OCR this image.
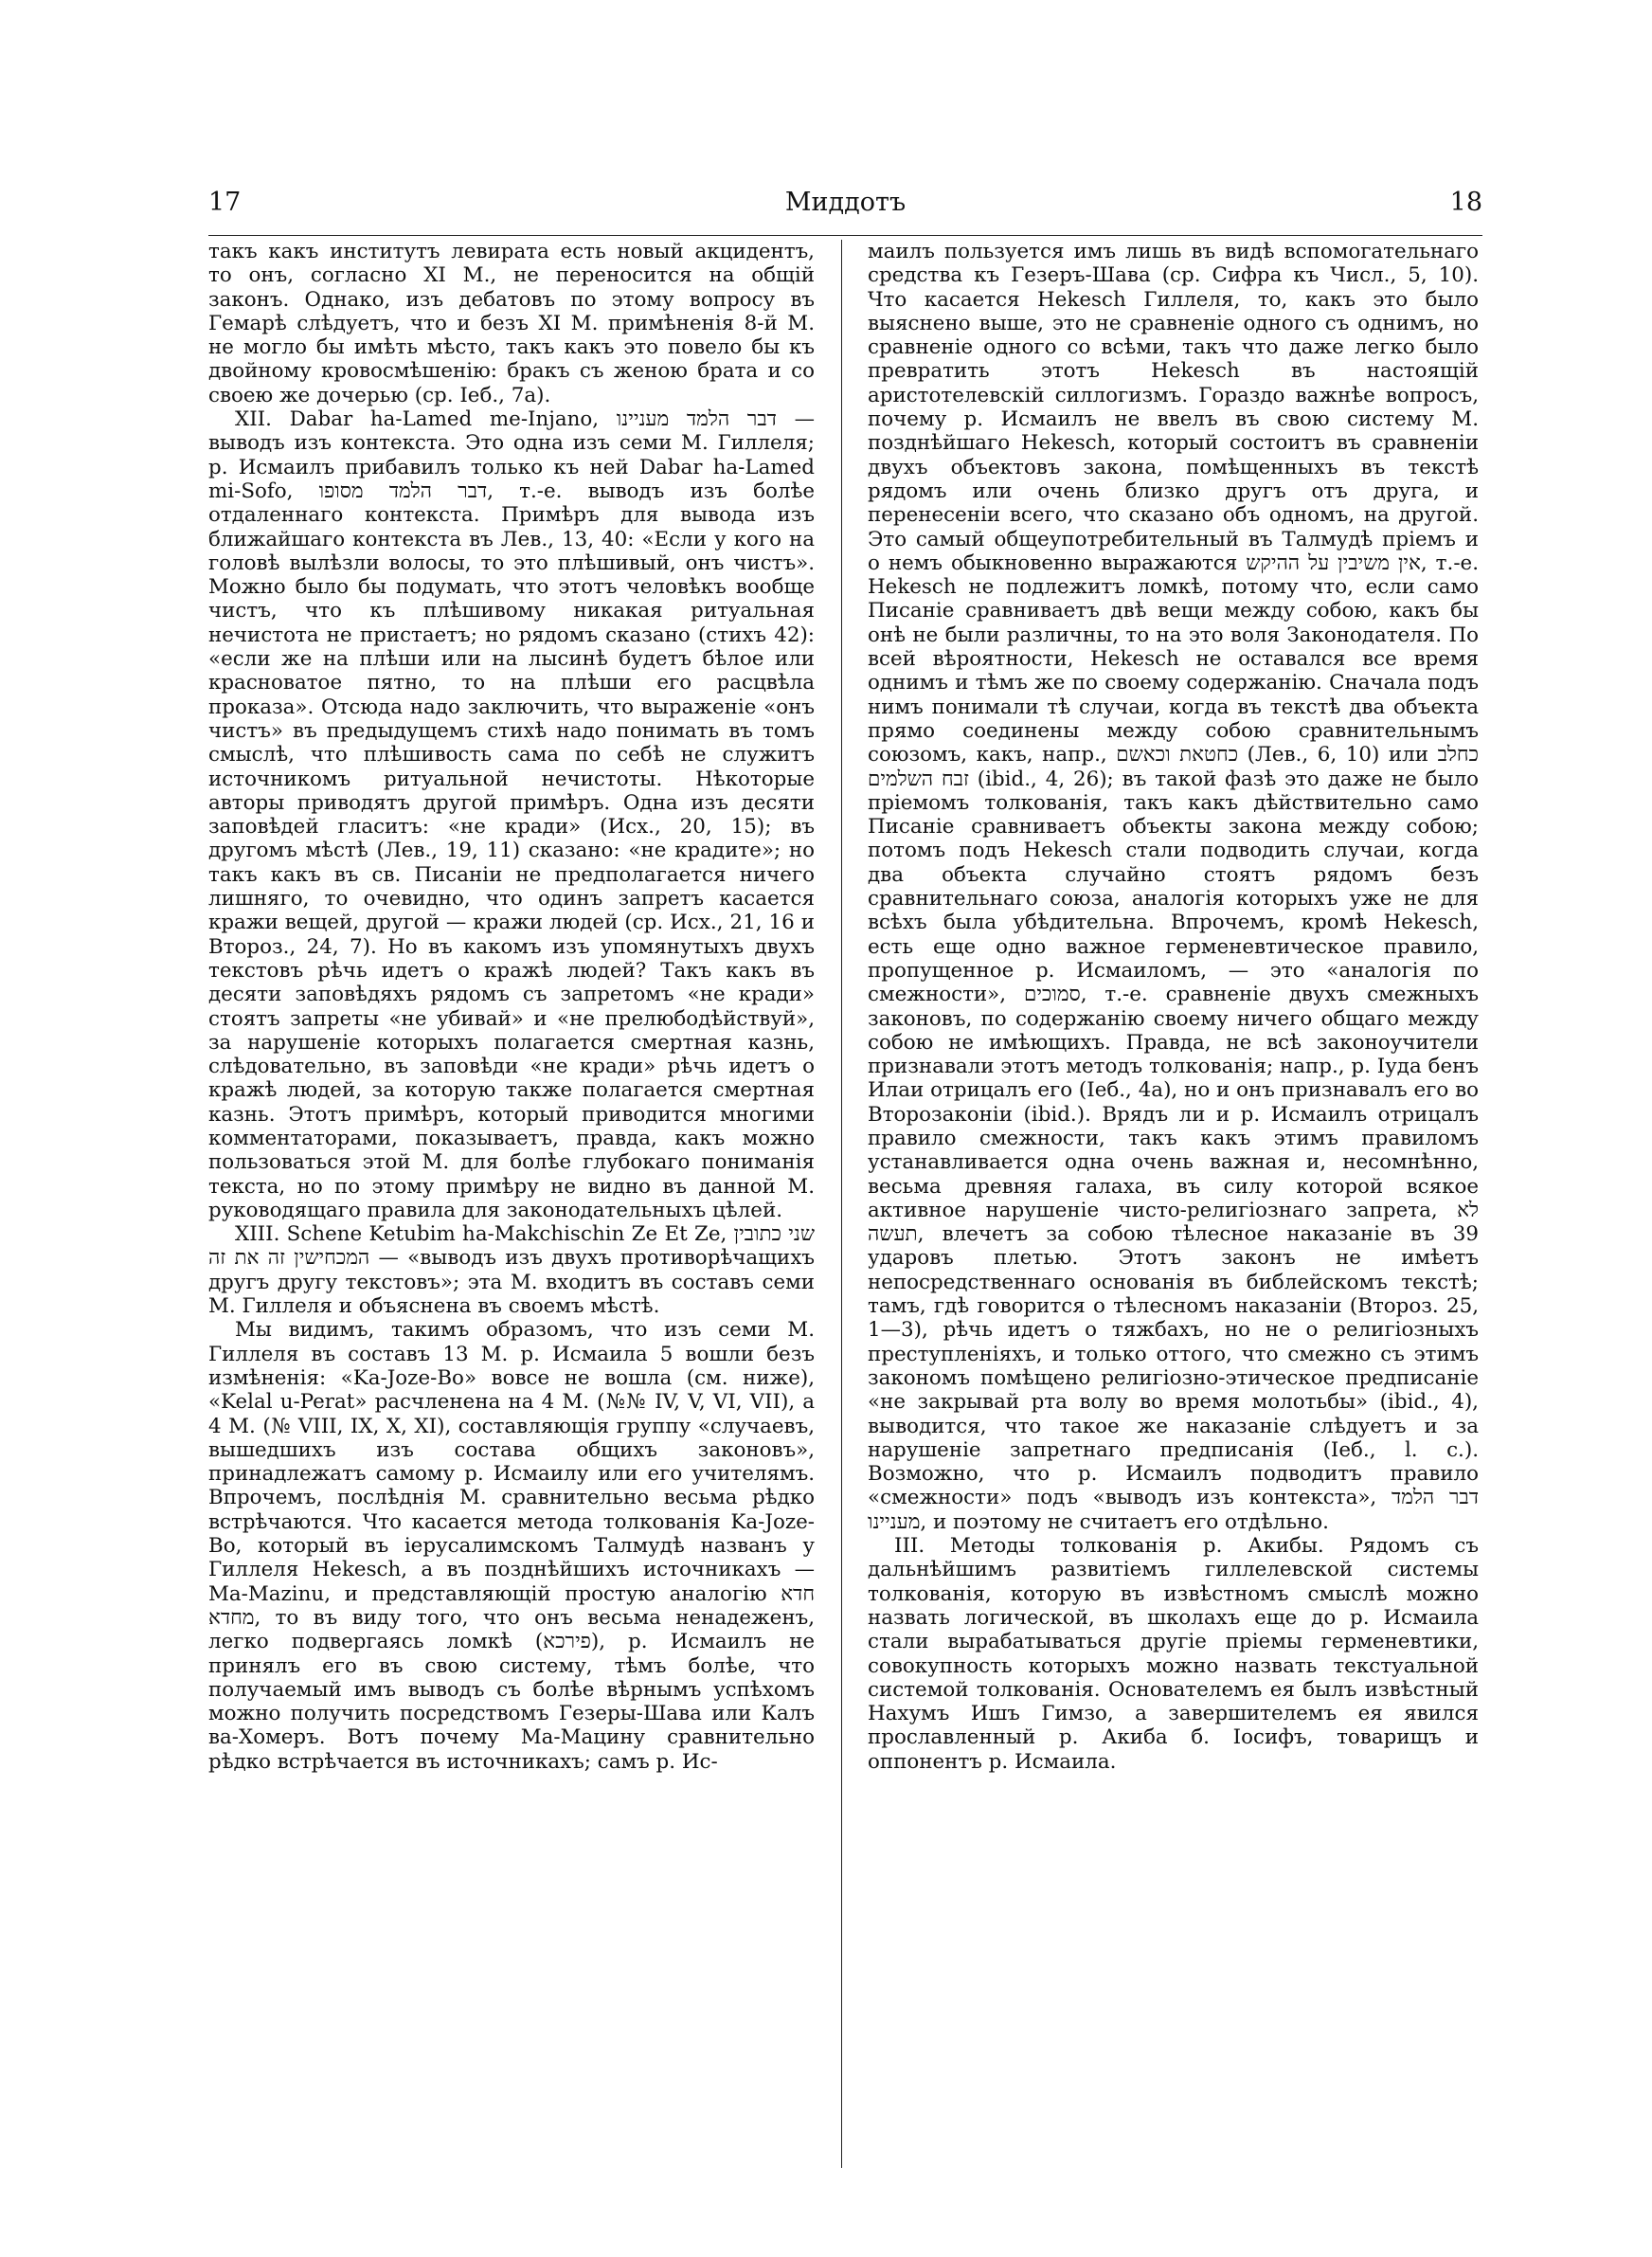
17	Миддотъ	18

такъ какъ институтъ левирата есть новый акцидентъ, то онъ, согласно XI М., не переносится на общій законъ. Однако, изъ дебатовъ по этому вопросу въ Гемарѣ слѣдуетъ, что и безъ XI М. примѣненія 8-й М. не могло бы имѣть мѣсто, такъ какъ это повело бы къ двойному кровосмѣшенію: бракъ съ женою брата и со своею же дочерью (ср. Іеб., 7а).

XII. Dabar ha-Lamed me-Injano, דבר הלמד מעניינו — выводъ изъ контекста. Это одна изъ семи М. Гиллеля; р. Исмаилъ прибавилъ только къ ней Dabar ha-Lamed mi-Sofo, דבר הלמד מסופו, т.-е. выводъ изъ болѣе отдаленнаго контекста. Примѣръ для вывода изъ ближайшаго контекста въ Лев., 13, 40: «Если у кого на головѣ вылѣзли волосы, то это плѣшивый, онъ чистъ». Можно было бы подумать, что этотъ человѣкъ вообще чистъ, что къ плѣшивому никакая ритуальная нечистота не пристаетъ; но рядомъ сказано (стихъ 42): «если же на плѣши или на лысинѣ будетъ бѣлое или красноватое пятно, то на плѣши его расцвѣла проказа». Отсюда надо заключить, что выраженіе «онъ чистъ» въ предыдущемъ стихѣ надо понимать въ томъ смыслѣ, что плѣшивость сама по себѣ не служитъ источникомъ ритуальной нечистоты. Нѣкоторые авторы приводятъ другой примѣръ. Одна изъ десяти заповѣдей гласитъ: «не кради» (Исх., 20, 15); въ другомъ мѣстѣ (Лев., 19, 11) сказано: «не крадите»; но такъ какъ въ св. Писаніи не предполагается ничего лишняго, то очевидно, что одинъ запретъ касается кражи вещей, другой — кражи людей (ср. Исх., 21, 16 и Второз., 24, 7). Но въ какомъ изъ упомянутыхъ двухъ текстовъ рѣчь идетъ о кражѣ людей? Такъ какъ въ десяти заповѣдяхъ рядомъ съ запретомъ «не кради» стоятъ запреты «не убивай» и «не прелюбодѣйствуй», за нарушеніе которыхъ полагается смертная казнь, слѣдовательно, въ заповѣди «не кради» рѣчь идетъ о кражѣ людей, за которую также полагается смертная казнь. Этотъ примѣръ, который приводится многими комментаторами, показываетъ, правда, какъ можно пользоваться этой М. для болѣе глубокаго пониманія текста, но по этому примѣру не видно въ данной М. руководящаго правила для законодательныхъ цѣлей.

XIII. Schene Ketubim ha-Makchischin Ze Et Ze, שני כתובין המכחישין זה את זה — «выводъ изъ двухъ противорѣчащихъ другъ другу текстовъ»; эта М. входитъ въ составъ семи М. Гиллеля и объяснена въ своемъ мѣстѣ.

Мы видимъ, такимъ образомъ, что изъ семи М. Гиллеля въ составъ 13 М. р. Исмаила 5 вошли безъ измѣненія: «Ka-Joze-Bo» вовсе не вошла (см. ниже), «Kelal u-Perat» расчленена на 4 М. (№№ IV, V, VI, VII), а 4 М. (№ VIII, IX, X, XI), составляющія группу «случаевъ, вышедшихъ изъ состава общихъ законовъ», принадлежатъ самому р. Исмаилу или его учителямъ. Впрочемъ, послѣднія М. сравнительно весьма рѣдко встрѣчаются. Что касается метода толкованія Ka-Joze-Bo, который въ іерусалимскомъ Талмудѣ названъ у Гиллеля Hekesch, а въ позднѣйшихъ источникахъ — Ma-Mazinu, и представляющій простую аналогію חדא מחדא, то въ виду того, что онъ весьма ненадеженъ, легко подвергаясь ломкѣ (פירכא), р. Исмаилъ не принялъ его въ свою систему, тѣмъ болѣе, что получаемый имъ выводъ съ болѣе вѣрнымъ успѣхомъ можно получить посредствомъ Гезеры-Шава или Калъ ва-Хомеръ. Вотъ почему Ма-Мацину сравнительно рѣдко встрѣчается въ источникахъ; самъ р. Ис-

маилъ пользуется имъ лишь въ видѣ вспомогательнаго средства къ Гезеръ-Шава (ср. Сифра къ Числ., 5, 10). Что касается Hekesch Гиллеля, то, какъ это было выяснено выше, это не сравненіе одного съ однимъ, но сравненіе одного со всѣми, такъ что даже легко было превратить этотъ Hekesch въ настоящій аристотелевскій силлогизмъ. Гораздо важнѣе вопросъ, почему р. Исмаилъ не ввелъ въ свою систему М. позднѣйшаго Hekesch, который состоитъ въ сравненіи двухъ объектовъ закона, помѣщенныхъ въ текстѣ рядомъ или очень близко другъ отъ друга, и перенесеніи всего, что сказано объ одномъ, на другой. Это самый общеупотребительный въ Талмудѣ пріемъ и о немъ обыкновенно выражаются אין משיבין על ההיקש, т.-е. Hekesch не подлежитъ ломкѣ, потому что, если само Писаніе сравниваетъ двѣ вещи между собою, какъ бы онѣ не были различны, то на это воля Законодателя. По всей вѣроятности, Hekesch не оставался все время однимъ и тѣмъ же по своему содержанію. Сначала подъ нимъ понимали тѣ случаи, когда въ текстѣ два объекта прямо соединены между собою сравнительнымъ союзомъ, какъ, напр., כחטאת וכאשם (Лев., 6, 10) или כחלב זבח השלמים (ibid., 4, 26); въ такой фазѣ это даже не было пріемомъ толкованія, такъ какъ дѣйствительно само Писаніе сравниваетъ объекты закона между собою; потомъ подъ Hekesch стали подводить случаи, когда два объекта случайно стоятъ рядомъ безъ сравнительнаго союза, аналогія которыхъ уже не для всѣхъ была убѣдительна. Впрочемъ, кромѣ Hekesch, есть еще одно важное герменевтическое правило, пропущенное р. Исмаиломъ, — это «аналогія по смежности», סמוכים, т.-е. сравненіе двухъ смежныхъ законовъ, по содержанію своему ничего общаго между собою не имѣющихъ. Правда, не всѣ законоучители признавали этотъ методъ толкованія; напр., р. Іуда бенъ Илаи отрицалъ его (Іеб., 4а), но и онъ признавалъ его во Второзаконіи (ibid.). Врядъ ли и р. Исмаилъ отрицалъ правило смежности, такъ какъ этимъ правиломъ устанавливается одна очень важная и, несомнѣнно, весьма древняя галаха, въ силу которой всякое активное нарушеніе чисто-религіознаго запрета, לא תעשה, влечетъ за собою тѣлесное наказаніе въ 39 ударовъ плетью. Этотъ законъ не имѣетъ непосредственнаго основанія въ библейскомъ текстѣ; тамъ, гдѣ говорится о тѣлесномъ наказаніи (Второз. 25, 1—3), рѣчь идетъ о тяжбахъ, но не о религіозныхъ преступленіяхъ, и только оттого, что смежно съ этимъ закономъ помѣщено религіозно-этическое предписаніе «не закрывай рта волу во время молотьбы» (ibid., 4), выводится, что такое же наказаніе слѣдуетъ и за нарушеніе запретнаго предписанія (Іеб., l. c.). Возможно, что р. Исмаилъ подводитъ правило «смежности» подъ «выводъ изъ контекста», דבר הלמד מעניינו, и поэтому не считаетъ его отдѣльно.

III. Методы толкованія р. Акибы. Рядомъ съ дальнѣйшимъ развитіемъ гиллелевской системы толкованія, которую въ извѣстномъ смыслѣ можно назвать логической, въ школахъ еще до р. Исмаила стали вырабатываться другіе пріемы герменевтики, совокупность которыхъ можно назвать текстуальной системой толкованія. Основателемъ ея былъ извѣстный Нахумъ Ишъ Гимзо, а завершителемъ ея явился прославленный р. Акиба б. Іосифъ, товарищъ и оппонентъ р. Исмаила.
